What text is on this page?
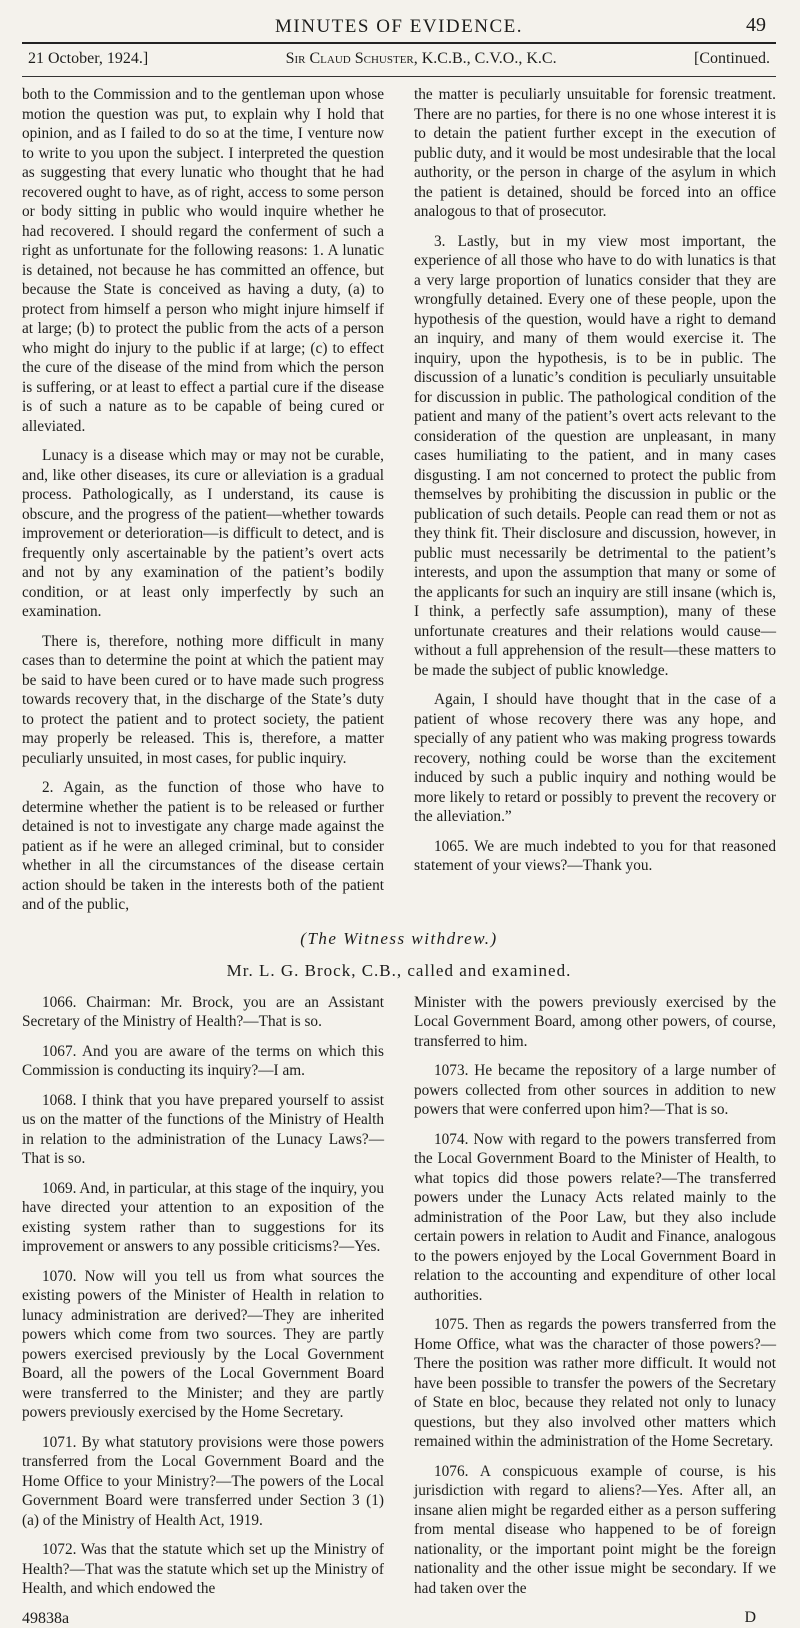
MINUTES OF EVIDENCE.	49
21 October, 1924.]	Sir Claud Schuster, K.C.B., C.V.O., K.C.	[Continued.

both to the Commission and to the gentleman upon whose motion the question was put, to explain why I hold that opinion, and as I failed to do so at the time, I venture now to write to you upon the subject. I interpreted the question as suggesting that every lunatic who thought that he had recovered ought to have, as of right, access to some person or body sitting in public who would inquire whether he had recovered. I should regard the conferment of such a right as unfortunate for the following reasons: 1. A lunatic is detained, not because he has committed an offence, but because the State is conceived as having a duty, (a) to protect from himself a person who might injure himself if at large; (b) to protect the public from the acts of a person who might do injury to the public if at large; (c) to effect the cure of the disease of the mind from which the person is suffering, or at least to effect a partial cure if the disease is of such a nature as to be capable of being cured or alleviated.

Lunacy is a disease which may or may not be curable, and, like other diseases, its cure or alleviation is a gradual process. Pathologically, as I understand, its cause is obscure, and the progress of the patient—whether towards improvement or deterioration—is difficult to detect, and is frequently only ascertainable by the patient’s overt acts and not by any examination of the patient’s bodily condition, or at least only imperfectly by such an examination.

There is, therefore, nothing more difficult in many cases than to determine the point at which the patient may be said to have been cured or to have made such progress towards recovery that, in the discharge of the State’s duty to protect the patient and to protect society, the patient may properly be released. This is, therefore, a matter peculiarly unsuited, in most cases, for public inquiry.

2. Again, as the function of those who have to determine whether the patient is to be released or further detained is not to investigate any charge made against the patient as if he were an alleged criminal, but to consider whether in all the circumstances of the disease certain action should be taken in the interests both of the patient and of the public,

the matter is peculiarly unsuitable for forensic treatment. There are no parties, for there is no one whose interest it is to detain the patient further except in the execution of public duty, and it would be most undesirable that the local authority, or the person in charge of the asylum in which the patient is detained, should be forced into an office analogous to that of prosecutor.

3. Lastly, but in my view most important, the experience of all those who have to do with lunatics is that a very large proportion of lunatics consider that they are wrongfully detained. Every one of these people, upon the hypothesis of the question, would have a right to demand an inquiry, and many of them would exercise it. The inquiry, upon the hypothesis, is to be in public. The discussion of a lunatic’s condition is peculiarly unsuitable for discussion in public. The pathological condition of the patient and many of the patient’s overt acts relevant to the consideration of the question are unpleasant, in many cases humiliating to the patient, and in many cases disgusting. I am not concerned to protect the public from themselves by prohibiting the discussion in public or the publication of such details. People can read them or not as they think fit. Their disclosure and discussion, however, in public must necessarily be detrimental to the patient’s interests, and upon the assumption that many or some of the applicants for such an inquiry are still insane (which is, I think, a perfectly safe assumption), many of these unfortunate creatures and their relations would cause—without a full apprehension of the result—these matters to be made the subject of public knowledge.

Again, I should have thought that in the case of a patient of whose recovery there was any hope, and specially of any patient who was making progress towards recovery, nothing could be worse than the excitement induced by such a public inquiry and nothing would be more likely to retard or possibly to prevent the recovery or the alleviation.”

1065. We are much indebted to you for that reasoned statement of your views?—Thank you.

(The Witness withdrew.)
Mr. L. G. Brock, C.B., called and examined.

1066. Chairman: Mr. Brock, you are an Assistant Secretary of the Ministry of Health?—That is so.

1067. And you are aware of the terms on which this Commission is conducting its inquiry?—I am.

1068. I think that you have prepared yourself to assist us on the matter of the functions of the Ministry of Health in relation to the administration of the Lunacy Laws?—That is so.

1069. And, in particular, at this stage of the inquiry, you have directed your attention to an exposition of the existing system rather than to suggestions for its improvement or answers to any possible criticisms?—Yes.

1070. Now will you tell us from what sources the existing powers of the Minister of Health in relation to lunacy administration are derived?—They are inherited powers which come from two sources. They are partly powers exercised previously by the Local Government Board, all the powers of the Local Government Board were transferred to the Minister; and they are partly powers previously exercised by the Home Secretary.

1071. By what statutory provisions were those powers transferred from the Local Government Board and the Home Office to your Ministry?—The powers of the Local Government Board were transferred under Section 3 (1) (a) of the Ministry of Health Act, 1919.

1072. Was that the statute which set up the Ministry of Health?—That was the statute which set up the Ministry of Health, and which endowed the

49838a

Minister with the powers previously exercised by the Local Government Board, among other powers, of course, transferred to him.

1073. He became the repository of a large number of powers collected from other sources in addition to new powers that were conferred upon him?—That is so.

1074. Now with regard to the powers transferred from the Local Government Board to the Minister of Health, to what topics did those powers relate?—The transferred powers under the Lunacy Acts related mainly to the administration of the Poor Law, but they also include certain powers in relation to Audit and Finance, analogous to the powers enjoyed by the Local Government Board in relation to the accounting and expenditure of other local authorities.

1075. Then as regards the powers transferred from the Home Office, what was the character of those powers?—There the position was rather more difficult. It would not have been possible to transfer the powers of the Secretary of State en bloc, because they related not only to lunacy questions, but they also involved other matters which remained within the administration of the Home Secretary.

1076. A conspicuous example of course, is his jurisdiction with regard to aliens?—Yes. After all, an insane alien might be regarded either as a person suffering from mental disease who happened to be of foreign nationality, or the important point might be the foreign nationality and the other issue might be secondary. If we had taken over the

D
